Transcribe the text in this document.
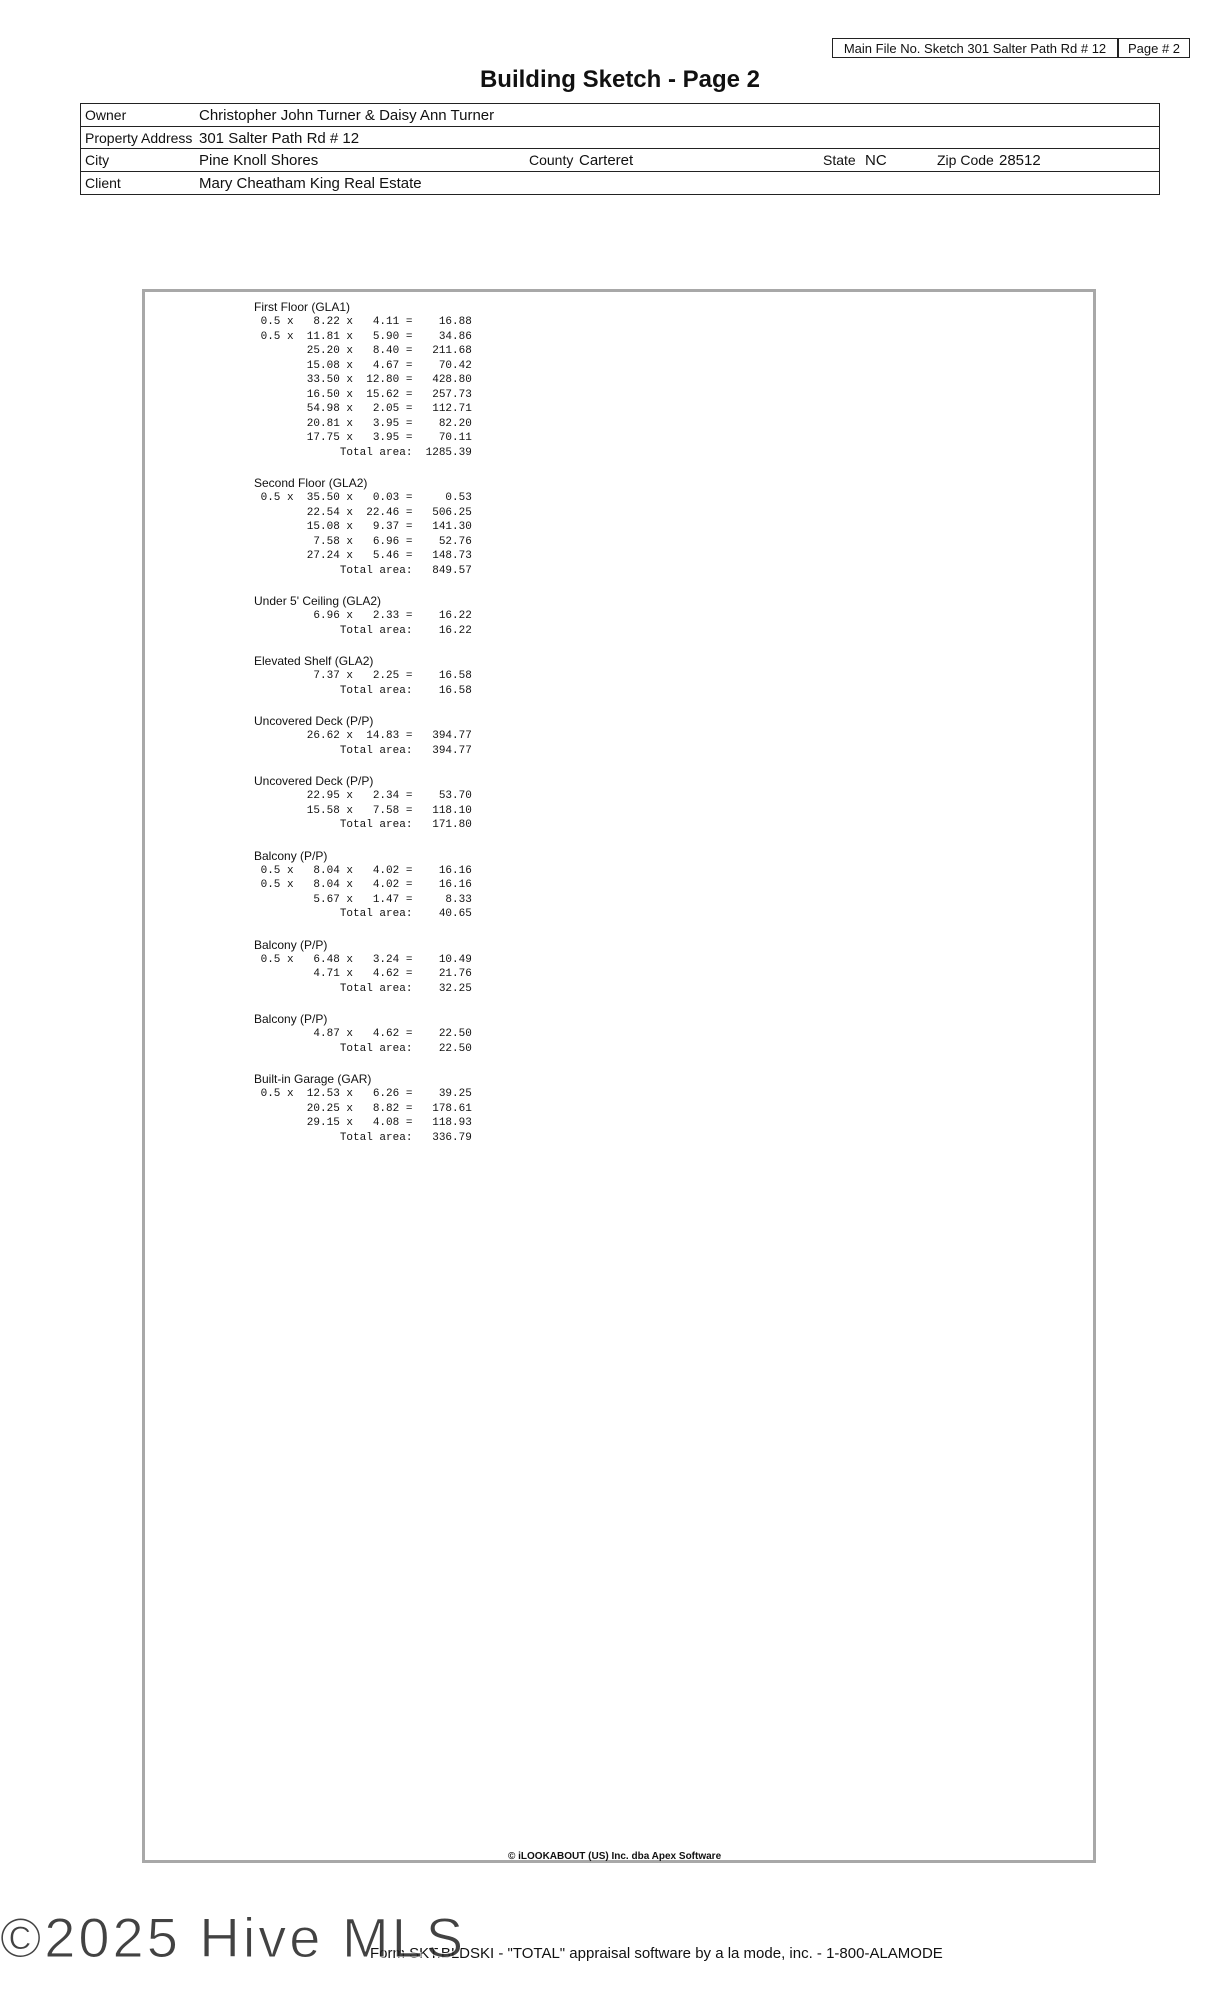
Main File No. Sketch 301 Salter Path Rd # 12	Page # 2
Building Sketch - Page 2
Owner	Christopher John Turner & Daisy Ann Turner
Property Address 301 Salter Path Rd # 12
City	Pine Knoll Shores	County Carteret	State NC	Zip Code 28512
Client	Mary Cheatham King Real Estate
First Floor (GLA1)
0.5 x   8.22 x   4.11 =    16.88
0.5 x  11.81 x   5.90 =    34.86
25.20 x   8.40 =   211.68
15.08 x   4.67 =    70.42
33.50 x  12.80 =   428.80
16.50 x  15.62 =   257.73
54.98 x   2.05 =   112.71
20.81 x   3.95 =    82.20
17.75 x   3.95 =    70.11
Total area:  1285.39
Second Floor (GLA2)
0.5 x  35.50 x   0.03 =     0.53
22.54 x  22.46 =   506.25
15.08 x   9.37 =   141.30
7.58 x   6.96 =    52.76
27.24 x   5.46 =   148.73
Total area:   849.57
Under 5' Ceiling (GLA2)
6.96 x   2.33 =    16.22
Total area:    16.22
Elevated Shelf (GLA2)
7.37 x   2.25 =    16.58
Total area:    16.58
Uncovered Deck (P/P)
26.62 x  14.83 =   394.77
Total area:   394.77
Uncovered Deck (P/P)
22.95 x   2.34 =    53.70
15.58 x   7.58 =   118.10
Total area:   171.80
Balcony (P/P)
0.5 x   8.04 x   4.02 =    16.16
0.5 x   8.04 x   4.02 =    16.16
5.67 x   1.47 =     8.33
Total area:    40.65
Balcony (P/P)
0.5 x   6.48 x   3.24 =    10.49
4.71 x   4.62 =    21.76
Total area:    32.25
Balcony (P/P)
4.87 x   4.62 =    22.50
Total area:    22.50
Built-in Garage (GAR)
0.5 x  12.53 x   6.26 =    39.25
20.25 x   8.82 =   178.61
29.15 x   4.08 =   118.93
Total area:   336.79
© iLOOKABOUT (US) Inc. dba Apex Software
Form SKT.BLDSKI - "TOTAL" appraisal software by a la mode, inc. - 1-800-ALAMODE
©2025 Hive MLS
